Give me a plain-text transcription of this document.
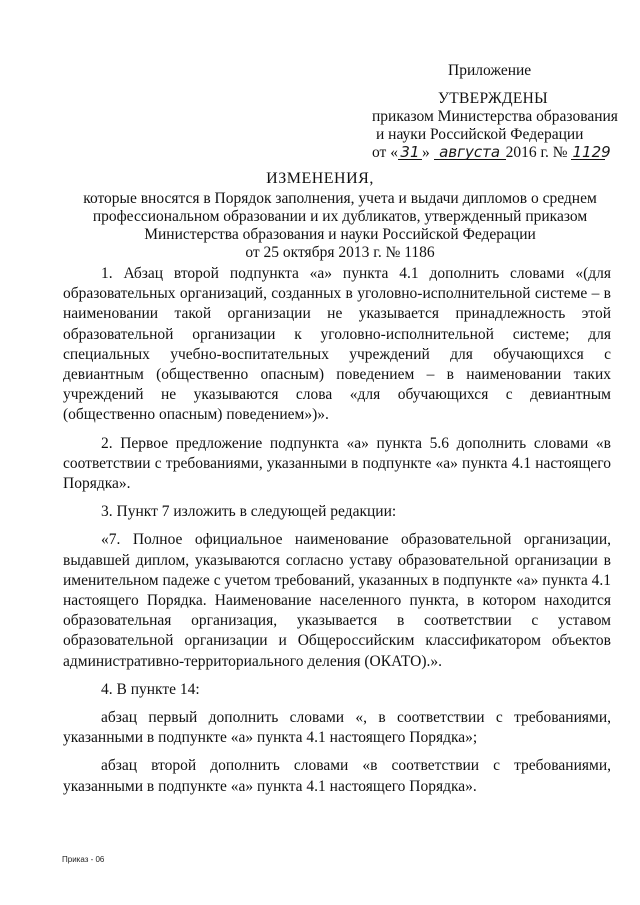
Приложение
УТВЕРЖДЕНЫ
приказом Министерства образования
и науки Российской Федерации
от « 31 » августа 2016 г. № 1129
ИЗМЕНЕНИЯ,
которые вносятся в Порядок заполнения, учета и выдачи дипломов о среднем
профессиональном образовании и их дубликатов, утвержденный приказом
Министерства образования и науки Российской Федерации
от 25 октября 2013 г. № 1186

1. Абзац второй подпункта «а» пункта 4.1 дополнить словами «(для образовательных организаций, созданных в уголовно-исполнительной системе – в наименовании такой организации не указывается принадлежность этой образовательной организации к уголовно-исполнительной системе; для специальных учебно-воспитательных учреждений для обучающихся с девиантным (общественно опасным) поведением – в наименовании таких учреждений не указываются слова «для обучающихся с девиантным (общественно опасным) поведением»)».

2. Первое предложение подпункта «а» пункта 5.6 дополнить словами «в соответствии с требованиями, указанными в подпункте «а» пункта 4.1 настоящего Порядка».

3. Пункт 7 изложить в следующей редакции:

«7. Полное официальное наименование образовательной организации, выдавшей диплом, указываются согласно уставу образовательной организации в именительном падеже с учетом требований, указанных в подпункте «а» пункта 4.1 настоящего Порядка. Наименование населенного пункта, в котором находится образовательная организация, указывается в соответствии с уставом образовательной организации и Общероссийским классификатором объектов административно-территориального деления (ОКАТО).».

4. В пункте 14:

абзац первый дополнить словами «, в соответствии с требованиями, указанными в подпункте «а» пункта 4.1 настоящего Порядка»;

абзац второй дополнить словами «в соответствии с требованиями, указанными в подпункте «а» пункта 4.1 настоящего Порядка».

Приказ - 06
